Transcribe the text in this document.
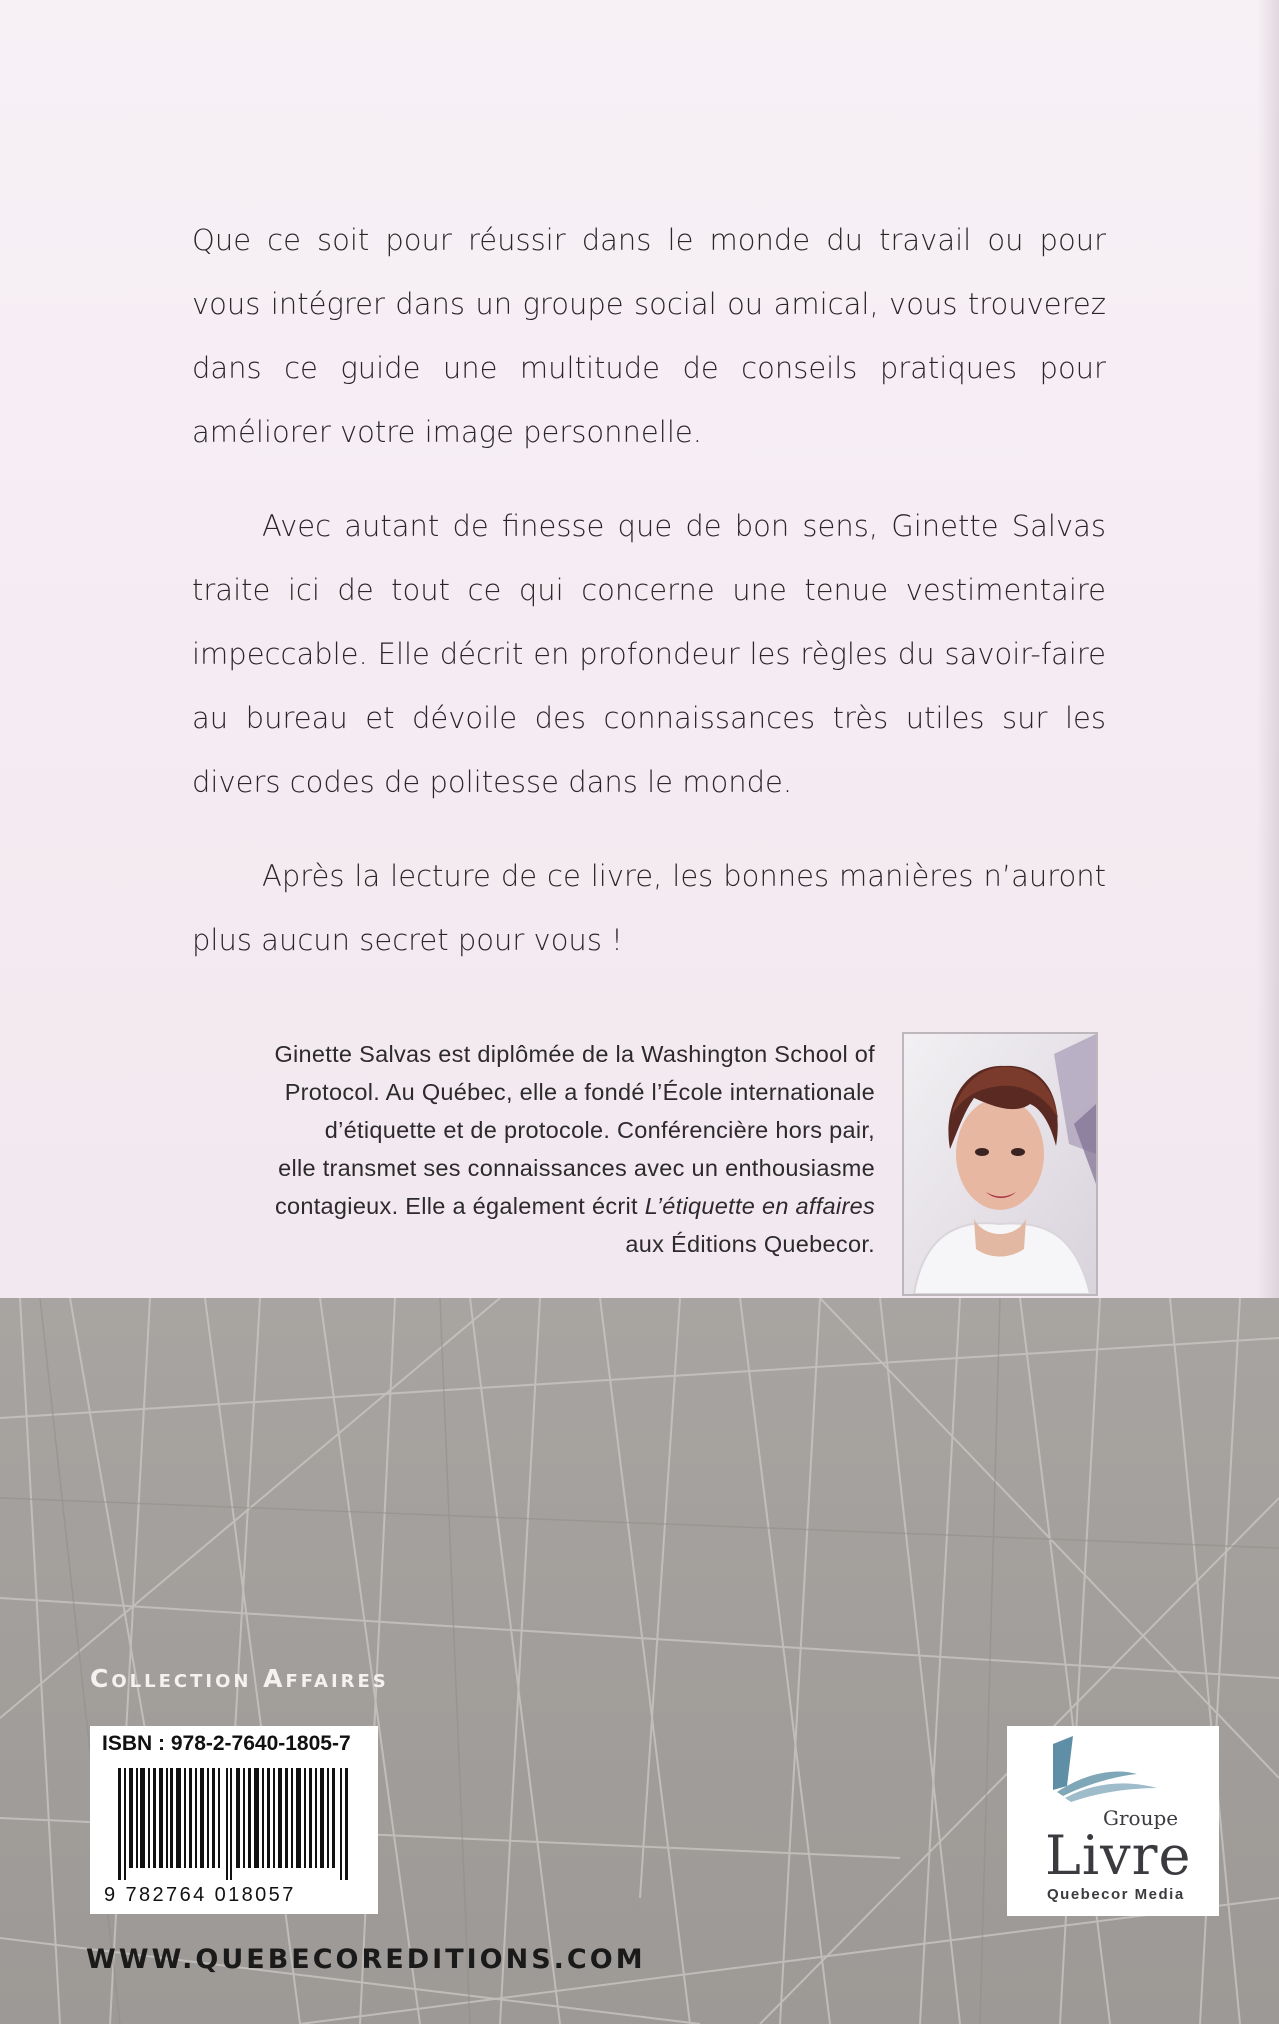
Que ce soit pour réussir dans le monde du travail ou pour vous intégrer dans un groupe social ou amical, vous trouverez dans ce guide une multitude de conseils pratiques pour améliorer votre image personnelle.

Avec autant de finesse que de bon sens, Ginette Salvas traite ici de tout ce qui concerne une tenue vestimentaire impeccable. Elle décrit en profondeur les règles du savoir-faire au bureau et dévoile des connaissances très utiles sur les divers codes de politesse dans le monde.

Après la lecture de ce livre, les bonnes manières n’auront plus aucun secret pour vous !

Ginette Salvas est diplômée de la Washington School of
Protocol. Au Québec, elle a fondé l’École internationale
d’étiquette et de protocole. Conférencière hors pair,
elle transmet ses connaissances avec un enthousiasme
contagieux. Elle a également écrit L’étiquette en affaires
aux Éditions Quebecor.
Collection Affaires
ISBN : 978-2-7640-1805-7
9 782764 018057
Groupe
Livre
Quebecor Media
WWW.QUEBECOREDITIONS.COM
